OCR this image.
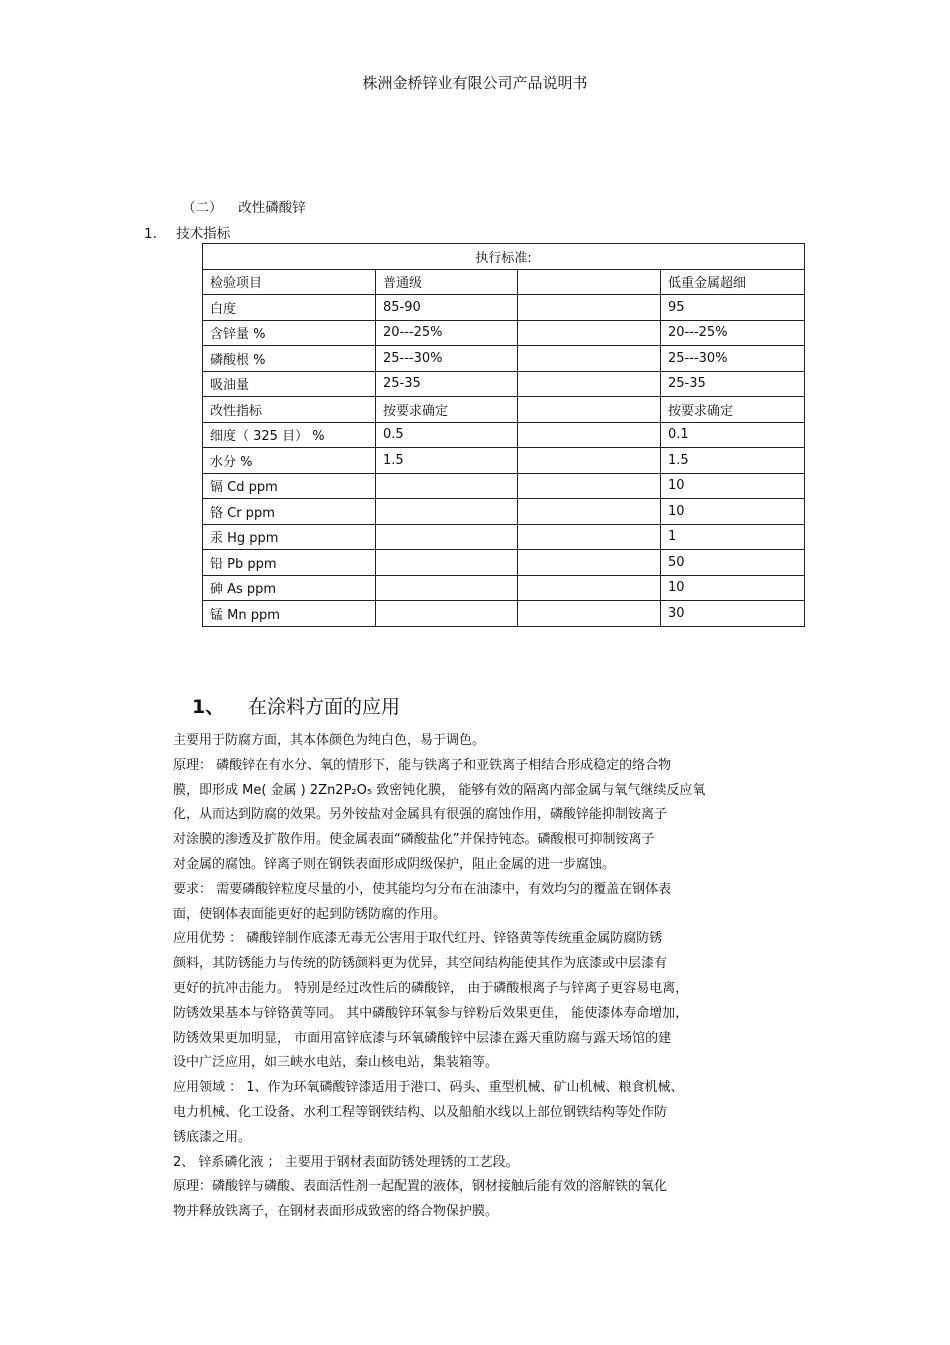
株洲金桥锌业有限公司产品说明书
（二） 改性磷酸锌
1. 技术指标
执行标准:			
检验项目	普通级		低重金属超细
白度	85-90		95
含锌量 %	20---25%		20---25%
磷酸根 %	25---30%		25---30%
吸油量	25-35		25-35
改性指标	按要求确定		按要求确定
细度（ 325 目） %	0.5		0.1
水分 %	1.5		1.5
镉 Cd ppm			10
铬 Cr ppm			10
汞 Hg ppm			1
铅 Pb ppm			50
砷 As ppm			10
锰 Mn ppm			30
1、 在涂料方面的应用
主要用于防腐方面，其本体颜色为纯白色，易于调色。
原理： 磷酸锌在有水分、氧的情形下，能与铁离子和亚铁离子相结合形成稳定的络合物
膜，即形成 Me( 金属 ) 2Zn2P₂O₅ 致密钝化膜， 能够有效的隔离内部金属与氧气继续反应氧
化，从而达到防腐的效果。另外铵盐对金属具有很强的腐蚀作用，磷酸锌能抑制铵离子
对涂膜的渗透及扩散作用。使金属表面“磷酸盐化”并保持钝态。磷酸根可抑制铵离子
对金属的腐蚀。锌离子则在钢铁表面形成阴级保护，阻止金属的进一步腐蚀。
要求： 需要磷酸锌粒度尽量的小，使其能均匀分布在油漆中，有效均匀的覆盖在钢体表
面，使钢体表面能更好的起到防锈防腐的作用。
应用优势 ： 磷酸锌制作底漆无毒无公害用于取代红丹、锌铬黄等传统重金属防腐防锈
颜料，其防锈能力与传统的防锈颜料更为优异，其空间结构能使其作为底漆或中层漆有
更好的抗冲击能力。 特别是经过改性后的磷酸锌， 由于磷酸根离子与锌离子更容易电离，
防锈效果基本与锌铬黄等同。 其中磷酸锌环氧参与锌粉后效果更佳， 能使漆体寿命增加，
防锈效果更加明显， 市面用富锌底漆与环氧磷酸锌中层漆在露天重防腐与露天场馆的建
设中广泛应用，如三峡水电站，秦山核电站，集装箱等。
应用领域 ： 1、作为环氧磷酸锌漆适用于港口、码头、重型机械、矿山机械、粮食机械、
电力机械、化工设备、水利工程等钢铁结构、以及船舶水线以上部位钢铁结构等处作防
锈底漆之用。
2、 锌系磷化液 ； 主要用于钢材表面防锈处理锈的工艺段。
原理：磷酸锌与磷酸、表面活性剂一起配置的液体，钢材接触后能有效的溶解铁的氧化
物并释放铁离子，在钢材表面形成致密的络合物保护膜。
